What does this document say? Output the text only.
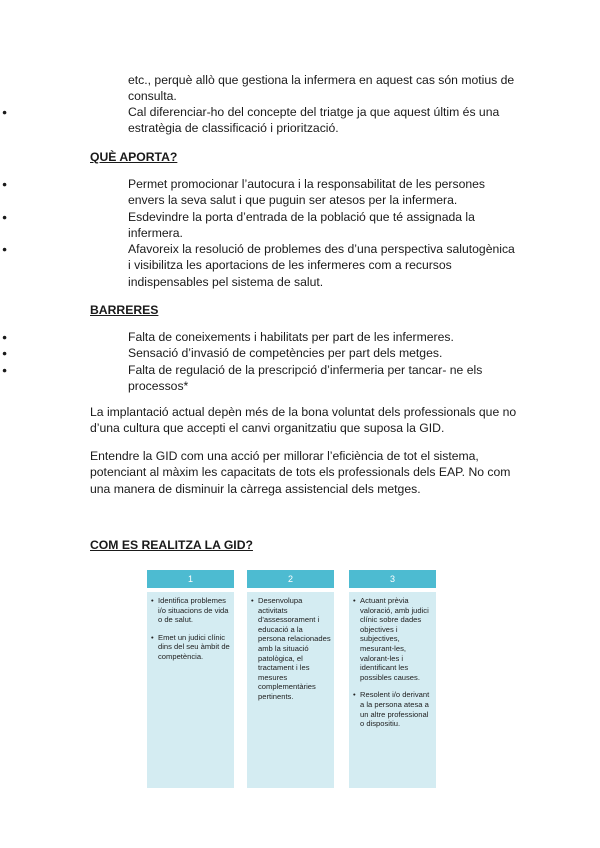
etc., perquè allò que gestiona la infermera en aquest cas són motius de consulta.
● Cal diferenciar-ho del concepte del triatge ja que aquest últim és una estratègia de classificació i priorització.
QUÈ APORTA?
● Permet promocionar l’autocura i la responsabilitat de les persones envers la seva salut i que puguin ser atesos per la infermera.
● Esdevindre la porta d’entrada de la població que té assignada la infermera.
● Afavoreix la resolució de problemes des d’una perspectiva salutogènica i visibilitza les aportacions de les infermeres com a recursos indispensables pel sistema de salut.
BARRERES
● Falta de coneixements i habilitats per part de les infermeres.
● Sensació d’invasió de competències per part dels metges.
● Falta de regulació de la prescripció d’infermeria per tancar- ne els processos*
La implantació actual depèn més de la bona voluntat dels professionals que no d’una cultura que accepti el canvi organitzatiu que suposa la GID.
Entendre la GID com una acció per millorar l’eficiència de tot el sistema, potenciant al màxim les capacitats de tots els professionals dels EAP. No com una manera de disminuir la càrrega assistencial dels metges.
COM ES REALITZA LA GID?
1
• Identifica problemes i/o situacions de vida o de salut.
• Emet un judici clínic dins del seu àmbit de competència.
2
• Desenvolupa activitats d’assessorament i educació a la persona relacionades amb la situació patològica, el tractament i les mesures complementàries pertinents.
3
• Actuant prèvia valoració, amb judici clínic sobre dades objectives i subjectives, mesurant-les, valorant-les i identificant les possibles causes.
• Resolent i/o derivant a la persona atesa a un altre professional o dispositiu.
